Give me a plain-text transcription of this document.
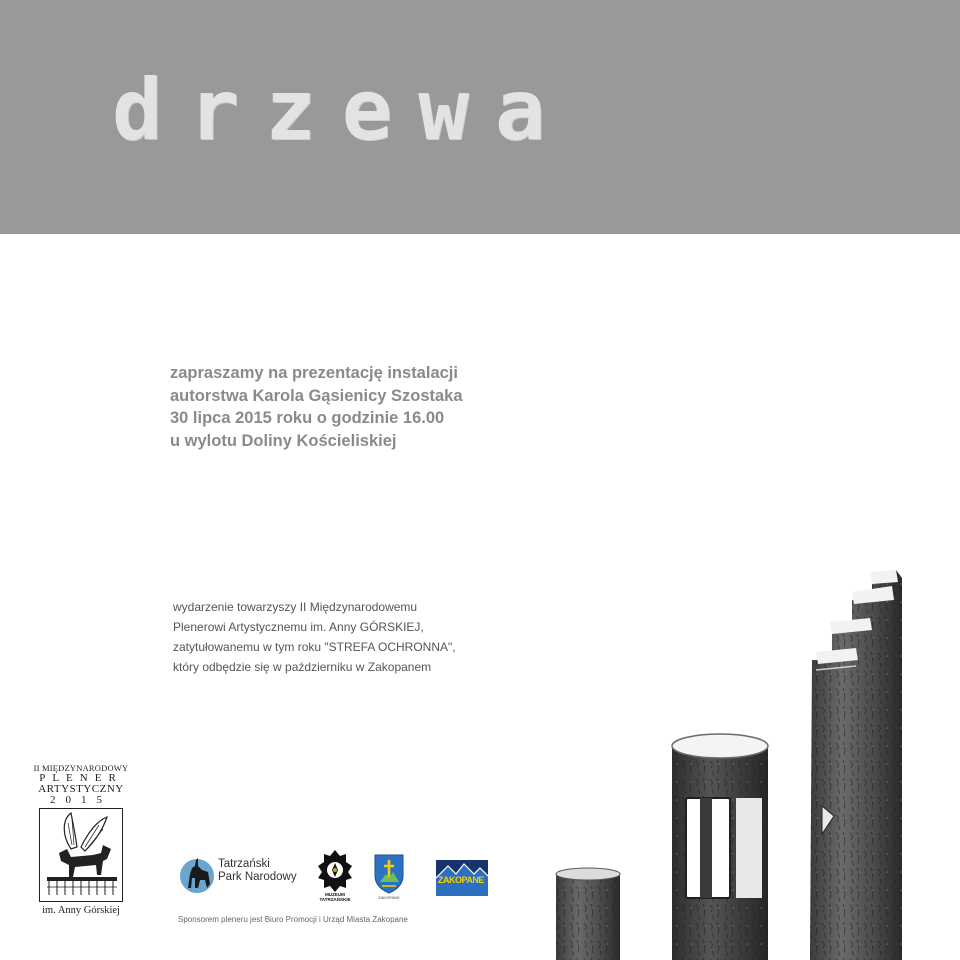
drzewa
zapraszamy na prezentację instalacji
autorstwa Karola Gąsienicy Szostaka
30 lipca 2015 roku o godzinie 16.00
u wylotu Doliny Kościeliskiej
wydarzenie towarzyszy II Międzynarodowemu
Plenerowi Artystycznemu im. Anny GÓRSKIEJ,
zatytułowanemu w tym roku "STREFA OCHRONNA",
który odbędzie się w październiku w Zakopanem
II MIĘDZYNARODOWY
PLENER
ARTYSTYCZNY
2015
im. Anny Górskiej
Tatrzański
Park Narodowy
MUZEUM
TATRZAŃSKIE	ZAKOPANE
ZAKOPANE
Sponsorem pleneru jest Biuro Promocji i Urząd Miasta Zakopane
